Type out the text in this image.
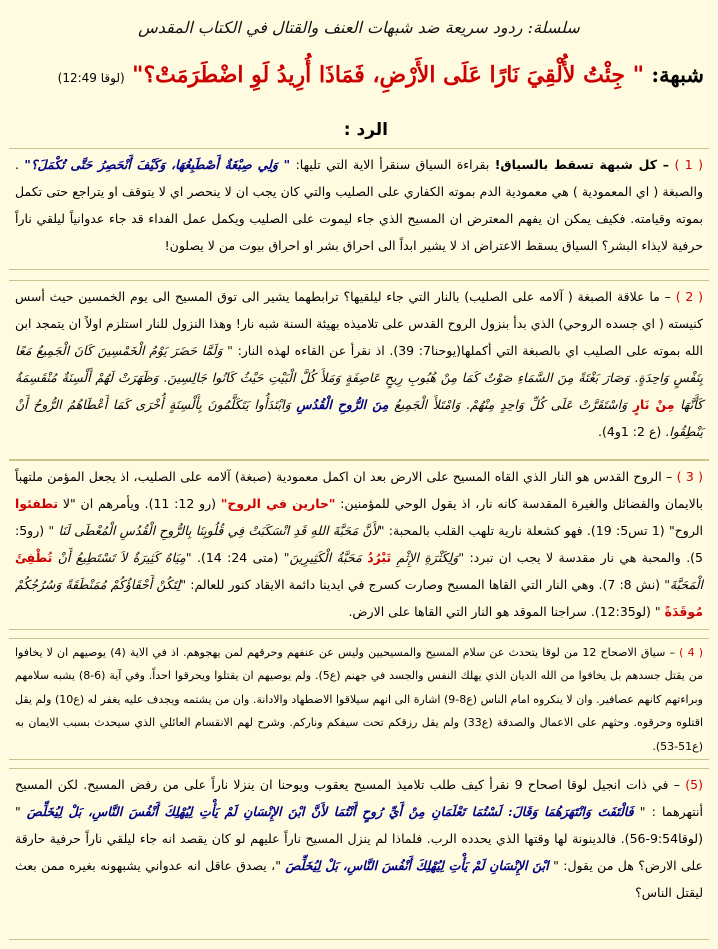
سلسلة: ردود سريعة ضد شبهات العنف والقتال في الكتاب المقدس
شبهة: " جِئْتُ لأُلْقِيَ نَارًا عَلَى الأَرْضِ، فَمَاذَا أُرِيدُ لَوِ اضْطَرَمَتْ؟" (لوقا 12:49)
الرد :
( 1 ) – كل شبهة تسقط بالسياق! بقراءة السياق سنقرأ الاية التي تليها: " وَلِي صِبْغَةٌ أَصْطَبِغُهَا، وَكَيْفَ أَنْحَصِرُ حَتَّى تُكْمَلَ؟" . والصبغة ( اي المعمودية ) هي معمودية الدم بموته الكفاري على الصليب والتي كان يجب ان لا ينحصر اي لا يتوقف او يتراجع حتى تكمل بموته وقيامته. فكيف يمكن ان يفهم المعترض ان المسيح الذي جاء ليموت على الصليب ويكمل عمل الفداء قد جاء عدوانياً ليلقي ناراً حرفية لايذاء البشر؟ السياق يسقط الاعتراض اذ لا يشير ابداً الى احراق بشر او احراق بيوت من لا يصلون!
( 2 ) – ما علاقة الصبغة ( آلامه على الصليب) بالنار التي جاء ليلقيها؟ ترابطهما يشير الى توق المسيح الى يوم الخمسين حيث أسس كنيسته ( اي جسده الروحي) الذي بدأ بنزول الروح القدس على تلاميذه بهيئة السنة شبه نار! وهذا النزول للنار استلزم اولاً ان يتمجد ابن الله بموته على الصليب اي بالصبغة التي أكملها(يوحنا7: 39). اذ نقرأ عن القاءه لهذه النار: " وَلَمَّا حَضَرَ يَوْمُ الْخَمْسِينَ كَانَ الْجَمِيعُ مَعًا بِنَفْسٍ وَاحِدَةٍ. وَصَارَ بَغْتَةً مِنَ السَّمَاءِ صَوْتٌ كَمَا مِنْ هُبُوبِ رِيحٍ عَاصِفَةٍ وَمَلأَ كُلَّ الْبَيْتِ حَيْثُ كَانُوا جَالِسِينَ. وَظَهَرَتْ لَهُمْ أَلْسِنَةٌ مُنْقَسِمَةٌ كَأَنَّهَا مِنْ نَارٍ وَاسْتَقَرَّتْ عَلَى كُلِّ وَاحِدٍ مِنْهُمْ. وَامْتَلأَ الْجَمِيعُ مِنَ الرُّوحِ الْقُدُسِ وَابْتَدَأُوا يَتَكَلَّمُونَ بِأَلْسِنَةٍ أُخْرَى كَمَا أَعْطَاهُمُ الرُّوحُ أَنْ يَنْطِقُوا. (ع 2: 1و4).
( 3 ) – الروح القدس هو النار الذي القاه المسيح على الارض بعد ان اكمل معمودية (صبغة) آلامه على الصليب، اذ يجعل المؤمن ملتهباً بالايمان والفضائل والغيرة المقدسة كانه نار، اذ يقول الوحي للمؤمنين: "حارين في الروح" (رو 12: 11). ويأمرهم ان "لا تطفئوا الروح" (1 تس5: 19). فهو كشعلة نارية تلهب القلب بالمحبة: "لأَنَّ مَحَبَّةَ اللهِ قَدِ انْسَكَبَتْ فِي قُلُوبِنَا بِالرُّوحِ الْقُدُسِ الْمُعْطَى لَنَا " (رو5: 5). والمحبة هي نار مقدسة لا يجب ان تبرد: "وَلِكَثْرَةِ الإِثْمِ تَبْرُدُ مَحَبَّةُ الْكَثِيرِينَ" (متى 24: 14). "مِيَاهٌ كَثِيرَةٌ لاَ تَسْتَطِيعُ أَنْ تُطْفِئَ الْمَحَبَّةَ" (نش 8: 7). وهي النار التي القاها المسيح وصارت كسرج في ايدينا دائمة الايقاد كنور للعالم: "لِتَكُنْ أَحْقَاؤُكُمْ مُمَنْطَقَةً وَسُرُجُكُمْ مُوقَدَةً " (لو12:35). سراجنا الموقد هو النار التي القاها على الارض.
( 4 ) – سياق الاصحاح 12 من لوقا يتحدث عن سلام المسيح والمسيحيين وليس عن عنفهم وحرقهم لمن يهجوهم. اذ في الاية (4) يوصيهم ان لا يخافوا من يقتل جسدهم بل يخافوا من الله الديان الذي يهلك النفس والجسد في جهنم (ع5). ولم يوصيهم ان يقتلوا ويحرقوا احداً. وفي آية (6-8) يشبه سلامهم وبراءتهم كانهم عصافير. وان لا ينكروه امام الناس (ع8-9) اشارة الى انهم سيلاقوا الاضطهاد والادانة. وان من يشتمه ويجدف عليه يغفر له (ع10) ولم يقل اقتلوه وحرقوه. وحثهم على الاعمال والصدقة (ع33) ولم يقل رزقكم تحت سيفكم وناركم. وشرح لهم الانقسام العائلي الذي سيحدث بسبب الايمان به (ع51-53).
(5) – في ذات انجيل لوقا اصحاح 9 نقرأ كيف طلب تلاميذ المسيح يعقوب ويوحنا ان ينزلا ناراً على من رفض المسيح. لكن المسيح أنتهرهما : " فَالْتَفَتَ وَانْتَهَرَهُمَا وَقَالَ: لَسْتُمَا تَعْلَمَانِ مِنْ أَيِّ رُوحٍ أَنْتُمَا لأَنَّ ابْنَ الإِنْسَانِ لَمْ يَأْتِ لِيُهْلِكَ أَنْفُسَ النَّاسِ، بَلْ لِيُخَلِّصَ " (لوقا9:54-56). فالدينونة لها وقتها الذي يحدده الرب. فلماذا لم ينزل المسيح ناراً عليهم لو كان يقصد انه جاء ليلقي ناراً حرفية حارقة على الارض؟ هل من يقول: " ابْنَ الإِنْسَانِ لَمْ يَأْتِ لِيُهْلِكَ أَنْفُسَ النَّاسِ، بَلْ لِيُخَلِّصَ "، يصدق عاقل انه عدواني يشبهونه بغيره ممن بعث ليقتل الناس؟
